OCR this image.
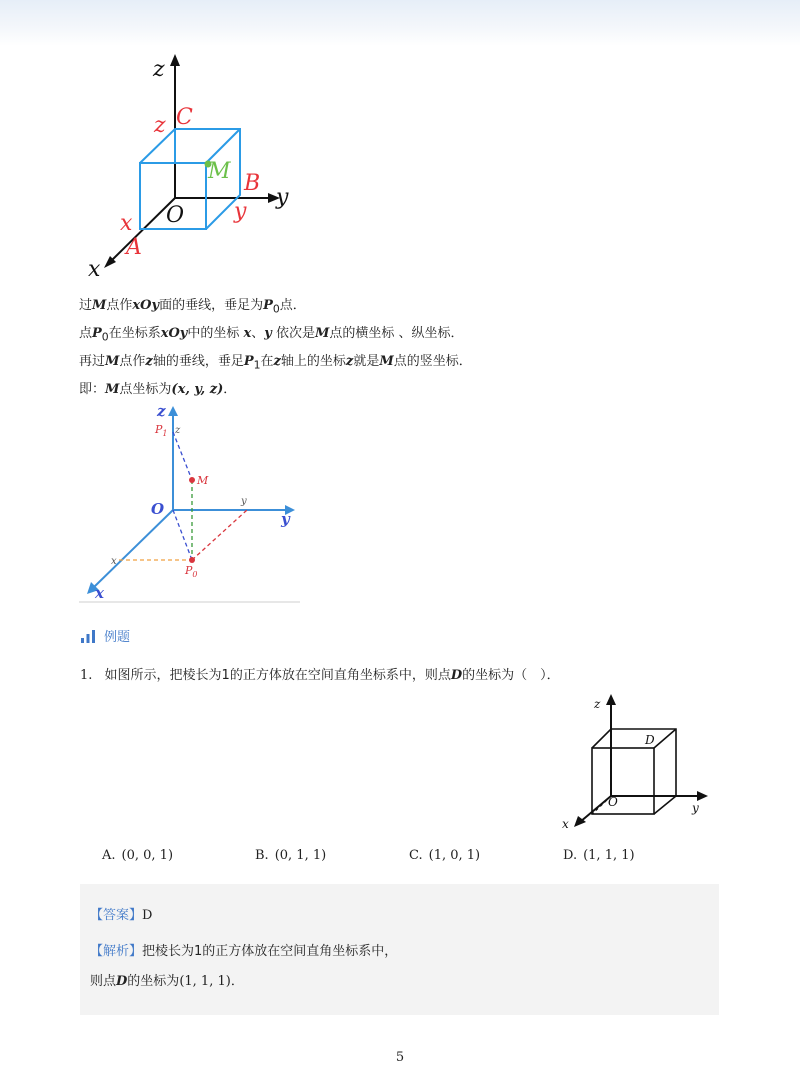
z
y
x
O
C
B
A
M
z
y
x
过M点作xOy面的垂线，垂足为$P_0$点．
点$P_0$在坐标系xOy中的坐标 x、y 依次是M点的横坐标 、纵坐标．
再过M点作z轴的垂线，垂足$P_1$在z轴上的坐标z就是M点的竖坐标．
即：M点坐标为(x, y, z)．
z
y
x
O
$P_1$ z
M
$P_0$
y
x
例题
1. 如图所示，把棱长为1的正方体放在空间直角坐标系中，则点D的坐标为（　）．
z
y
x
O
D
A. (0, 0, 1)	B. (0, 1, 1)	C. (1, 0, 1)	D. (1, 1, 1)
【答案】D
【解析】把棱长为1的正方体放在空间直角坐标系中，
则点D的坐标为(1, 1, 1)．
5
